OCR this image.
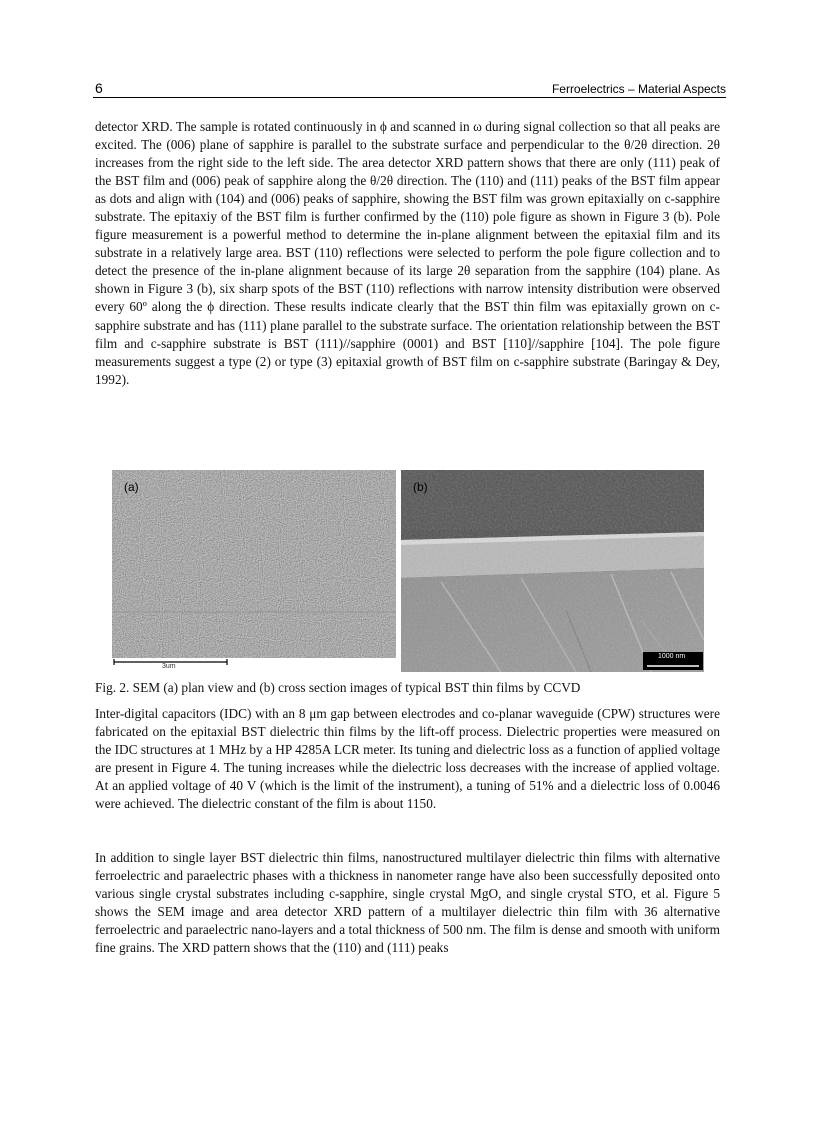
6	Ferroelectrics – Material Aspects

detector XRD. The sample is rotated continuously in ϕ and scanned in ω during signal collection so that all peaks are excited. The (006) plane of sapphire is parallel to the substrate surface and perpendicular to the θ/2θ direction. 2θ increases from the right side to the left side. The area detector XRD pattern shows that there are only (111) peak of the BST film and (006) peak of sapphire along the θ/2θ direction. The (110) and (111) peaks of the BST film appear as dots and align with (104) and (006) peaks of sapphire, showing the BST film was grown epitaxially on c-sapphire substrate. The epitaxiy of the BST film is further confirmed by the (110) pole figure as shown in Figure 3 (b). Pole figure measurement is a powerful method to determine the in-plane alignment between the epitaxial film and its substrate in a relatively large area. BST (110) reflections were selected to perform the pole figure collection and to detect the presence of the in-plane alignment because of its large 2θ separation from the sapphire (104) plane. As shown in Figure 3 (b), six sharp spots of the BST (110) reflections with narrow intensity distribution were observed every 60º along the ϕ direction. These results indicate clearly that the BST thin film was epitaxially grown on c-sapphire substrate and has (111) plane parallel to the substrate surface. The orientation relationship between the BST film and c-sapphire substrate is BST (111)//sapphire (0001) and BST [110]//sapphire [104]. The pole figure measurements suggest a type (2) or type (3) epitaxial growth of BST film on c-sapphire substrate (Baringay & Dey, 1992).

(a)
3um
(b)
1000 nm

Fig. 2. SEM (a) plan view and (b) cross section images of typical BST thin films by CCVD

Inter-digital capacitors (IDC) with an 8 μm gap between electrodes and co-planar waveguide (CPW) structures were fabricated on the epitaxial BST dielectric thin films by the lift-off process. Dielectric properties were measured on the IDC structures at 1 MHz by a HP 4285A LCR meter. Its tuning and dielectric loss as a function of applied voltage are present in Figure 4. The tuning increases while the dielectric loss decreases with the increase of applied voltage. At an applied voltage of 40 V (which is the limit of the instrument), a tuning of 51% and a dielectric loss of 0.0046 were achieved. The dielectric constant of the film is about 1150.

In addition to single layer BST dielectric thin films, nanostructured multilayer dielectric thin films with alternative ferroelectric and paraelectric phases with a thickness in nanometer range have also been successfully deposited onto various single crystal substrates including c-sapphire, single crystal MgO, and single crystal STO, et al. Figure 5 shows the SEM image and area detector XRD pattern of a multilayer dielectric thin film with 36 alternative ferroelectric and paraelectric nano-layers and a total thickness of 500 nm. The film is dense and smooth with uniform fine grains. The XRD pattern shows that the (110) and (111) peaks
